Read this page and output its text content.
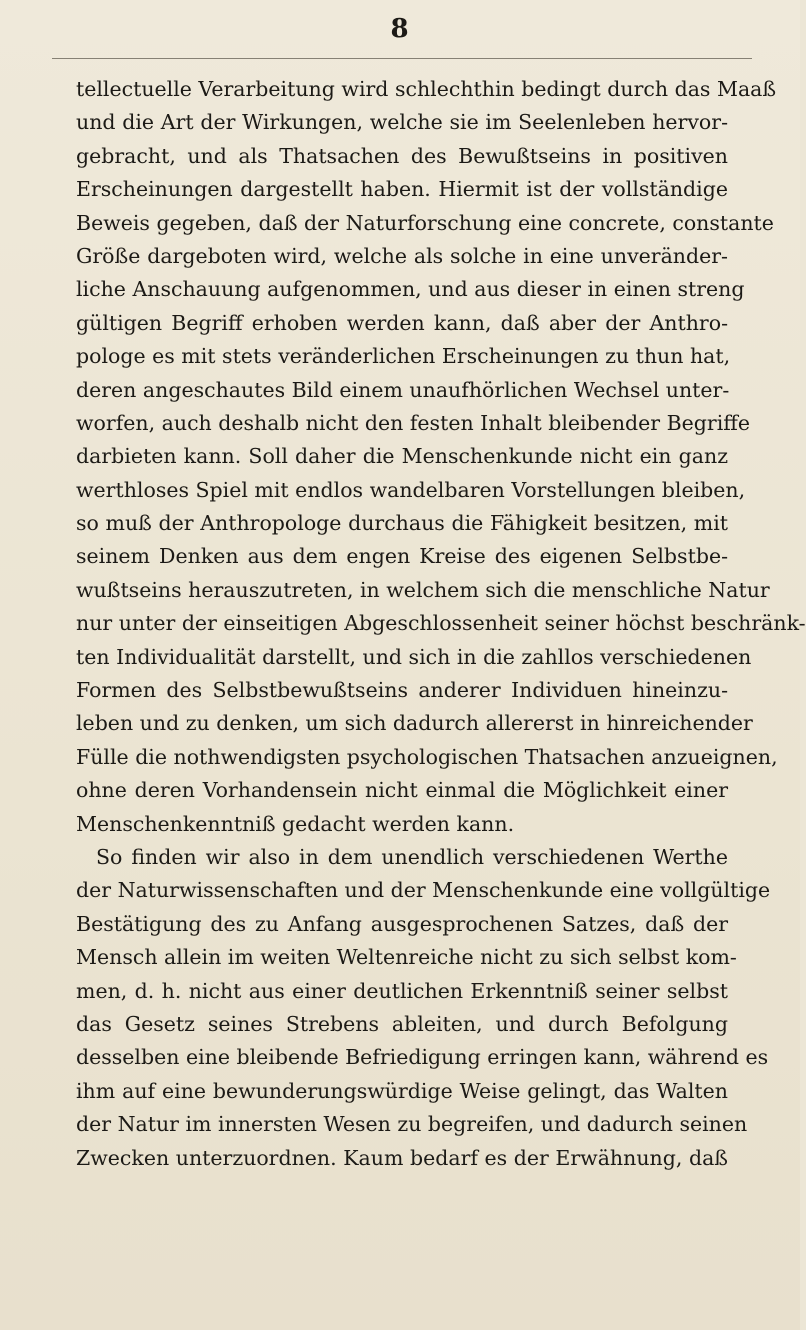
8
tellectuelle Verarbeitung wird schlechthin bedingt durch das Maaß
und die Art der Wirkungen, welche sie im Seelenleben hervor-
gebracht, und als Thatsachen des Bewußtseins in positiven
Erscheinungen dargestellt haben. Hiermit ist der vollständige
Beweis gegeben, daß der Naturforschung eine concrete, constante
Größe dargeboten wird, welche als solche in eine unveränder-
liche Anschauung aufgenommen, und aus dieser in einen streng
gültigen Begriff erhoben werden kann, daß aber der Anthro-
pologe es mit stets veränderlichen Erscheinungen zu thun hat,
deren angeschautes Bild einem unaufhörlichen Wechsel unter-
worfen, auch deshalb nicht den festen Inhalt bleibender Begriffe
darbieten kann. Soll daher die Menschenkunde nicht ein ganz
werthloses Spiel mit endlos wandelbaren Vorstellungen bleiben,
so muß der Anthropologe durchaus die Fähigkeit besitzen, mit
seinem Denken aus dem engen Kreise des eigenen Selbstbe-
wußtseins herauszutreten, in welchem sich die menschliche Natur
nur unter der einseitigen Abgeschlossenheit seiner höchst beschränk-
ten Individualität darstellt, und sich in die zahllos verschiedenen
Formen des Selbstbewußtseins anderer Individuen hineinzu-
leben und zu denken, um sich dadurch allererst in hinreichender
Fülle die nothwendigsten psychologischen Thatsachen anzueignen,
ohne deren Vorhandensein nicht einmal die Möglichkeit einer
Menschenkenntniß gedacht werden kann.
So finden wir also in dem unendlich verschiedenen Werthe
der Naturwissenschaften und der Menschenkunde eine vollgültige
Bestätigung des zu Anfang ausgesprochenen Satzes, daß der
Mensch allein im weiten Weltenreiche nicht zu sich selbst kom-
men, d. h. nicht aus einer deutlichen Erkenntniß seiner selbst
das Gesetz seines Strebens ableiten, und durch Befolgung
desselben eine bleibende Befriedigung erringen kann, während es
ihm auf eine bewunderungswürdige Weise gelingt, das Walten
der Natur im innersten Wesen zu begreifen, und dadurch seinen
Zwecken unterzuordnen. Kaum bedarf es der Erwähnung, daß
